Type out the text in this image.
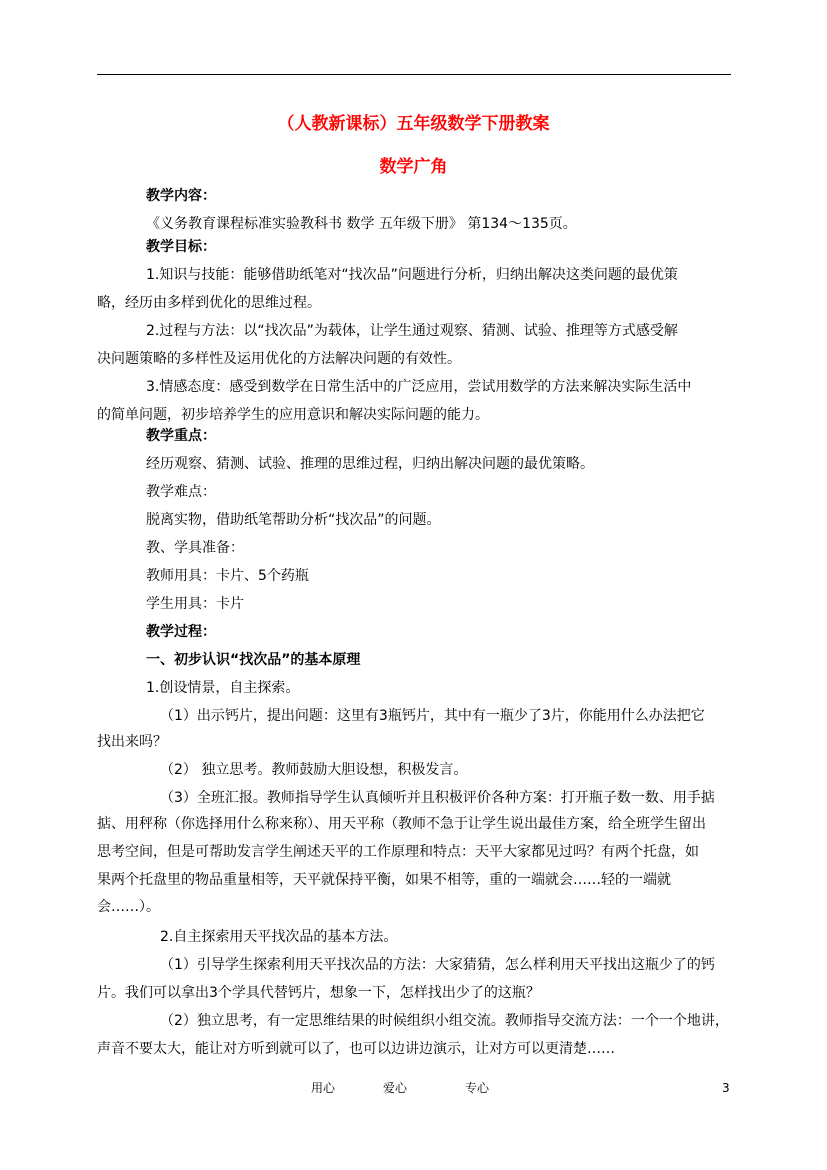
（人教新课标）五年级数学下册教案
数学广角
教学内容：
《义务教育课程标准实验教科书 数学 五年级下册》 第134～135页。
教学目标：
1.知识与技能：能够借助纸笔对“找次品”问题进行分析，归纳出解决这类问题的最优策
略，经历由多样到优化的思维过程。
2.过程与方法：以“找次品”为载体，让学生通过观察、猜测、试验、推理等方式感受解
决问题策略的多样性及运用优化的方法解决问题的有效性。
3.情感态度：感受到数学在日常生活中的广泛应用，尝试用数学的方法来解决实际生活中
的简单问题，初步培养学生的应用意识和解决实际问题的能力。
教学重点：
经历观察、猜测、试验、推理的思维过程，归纳出解决问题的最优策略。
教学难点：
脱离实物，借助纸笔帮助分析“找次品”的问题。
教、学具准备：
教师用具：卡片、5个药瓶
学生用具：卡片
教学过程：
一、初步认识“找次品”的基本原理
1.创设情景，自主探索。
（1）出示钙片，提出问题：这里有3瓶钙片，其中有一瓶少了3片，你能用什么办法把它
找出来吗？
（2） 独立思考。教师鼓励大胆设想，积极发言。
（3）全班汇报。教师指导学生认真倾听并且积极评价各种方案：打开瓶子数一数、用手掂
掂、用秤称（你选择用什么称来称）、用天平称（教师不急于让学生说出最佳方案，给全班学生留出
思考空间，但是可帮助发言学生阐述天平的工作原理和特点：天平大家都见过吗？有两个托盘，如
果两个托盘里的物品重量相等，天平就保持平衡，如果不相等，重的一端就会……轻的一端就
会……）。
2.自主探索用天平找次品的基本方法。
（1）引导学生探索利用天平找次品的方法：大家猜猜，怎么样利用天平找出这瓶少了的钙
片。我们可以拿出3个学具代替钙片，想象一下，怎样找出少了的这瓶？
（2）独立思考，有一定思维结果的时候组织小组交流。教师指导交流方法：一个一个地讲，
声音不要太大，能让对方听到就可以了，也可以边讲边演示，让对方可以更清楚……
用心	爱心	专心	3
